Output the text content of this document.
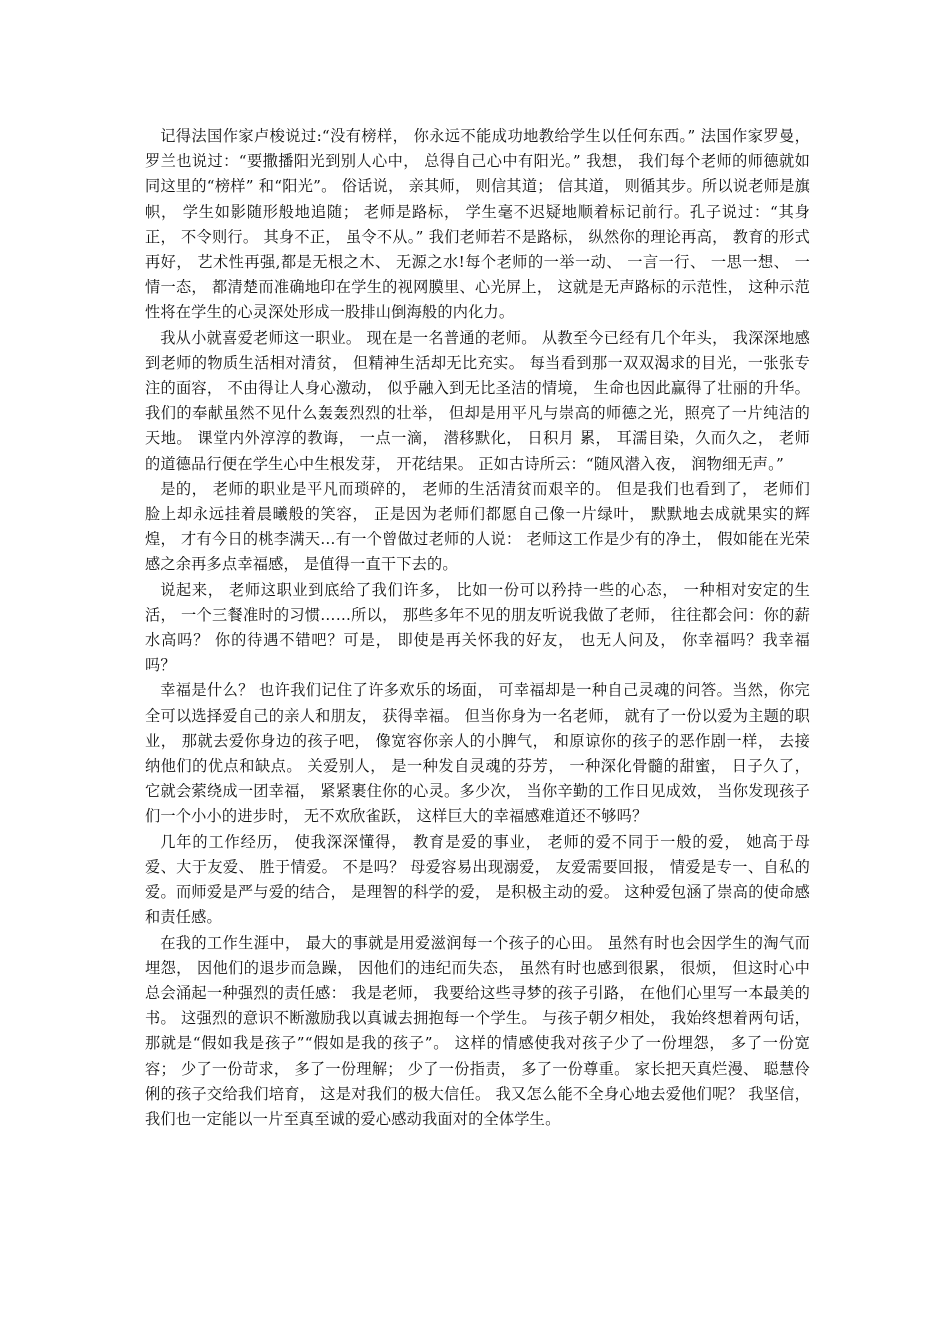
记得法国作家卢梭说过:“没有榜样， 你永远不能成功地教给学生以任何东西。” 法国作家罗曼， 罗兰也说过：“要撒播阳光到别人心中， 总得自己心中有阳光。” 我想， 我们每个老师的师德就如同这里的“榜样” 和“阳光”。 俗话说， 亲其师， 则信其道； 信其道， 则循其步。所以说老师是旗帜， 学生如影随形般地追随； 老师是路标， 学生毫不迟疑地顺着标记前行。孔子说过：“其身正， 不令则行。 其身不正， 虽令不从。” 我们老师若不是路标， 纵然你的理论再高， 教育的形式再好， 艺术性再强,都是无根之木、 无源之水!每个老师的一举一动、 一言一行、 一思一想、 一情一态， 都清楚而准确地印在学生的视网膜里、心光屏上， 这就是无声路标的示范性， 这种示范性将在学生的心灵深处形成一股排山倒海般的内化力。

我从小就喜爱老师这一职业。 现在是一名普通的老师。 从教至今已经有几个年头， 我深深地感到老师的物质生活相对清贫， 但精神生活却无比充实。 每当看到那一双双渴求的目光，一张张专注的面容， 不由得让人身心激动， 似乎融入到无比圣洁的情境， 生命也因此赢得了壮丽的升华。 我们的奉献虽然不见什么轰轰烈烈的壮举， 但却是用平凡与崇高的师德之光，照亮了一片纯洁的天地。 课堂内外淳淳的教诲， 一点一滴， 潜移默化， 日积月 累， 耳濡目染，久而久之， 老师的道德品行便在学生心中生根发芽， 开花结果。 正如古诗所云：“随风潜入夜， 润物细无声。”

是的， 老师的职业是平凡而琐碎的， 老师的生活清贫而艰辛的。 但是我们也看到了， 老师们脸上却永远挂着晨曦般的笑容， 正是因为老师们都愿自己像一片绿叶， 默默地去成就果实的辉煌， 才有今日的桃李满天…有一个曾做过老师的人说： 老师这工作是少有的净土， 假如能在光荣感之余再多点幸福感， 是值得一直干下去的。

说起来， 老师这职业到底给了我们许多， 比如一份可以矜持一些的心态， 一种相对安定的生活， 一个三餐准时的习惯……所以， 那些多年不见的朋友听说我做了老师， 往往都会问：你的薪水高吗？ 你的待遇不错吧？可是， 即使是再关怀我的好友， 也无人问及， 你幸福吗？我幸福吗？

幸福是什么？ 也许我们记住了许多欢乐的场面， 可幸福却是一种自己灵魂的问答。当然，你完全可以选择爱自己的亲人和朋友， 获得幸福。 但当你身为一名老师， 就有了一份以爱为主题的职业， 那就去爱你身边的孩子吧， 像宽容你亲人的小脾气， 和原谅你的孩子的恶作剧一样， 去接纳他们的优点和缺点。 关爱别人， 是一种发自灵魂的芬芳， 一种深化骨髓的甜蜜， 日子久了， 它就会萦绕成一团幸福， 紧紧裹住你的心灵。多少次， 当你辛勤的工作日见成效， 当你发现孩子们一个小小的进步时， 无不欢欣雀跃， 这样巨大的幸福感难道还不够吗？

几年的工作经历， 使我深深懂得， 教育是爱的事业， 老师的爱不同于一般的爱， 她高于母爱、大于友爱、 胜于情爱。 不是吗？ 母爱容易出现溺爱， 友爱需要回报， 情爱是专一、自私的爱。而师爱是严与爱的结合， 是理智的科学的爱， 是积极主动的爱。 这种爱包涵了崇高的使命感和责任感。

在我的工作生涯中， 最大的事就是用爱滋润每一个孩子的心田。 虽然有时也会因学生的淘气而埋怨， 因他们的退步而急躁， 因他们的违纪而失态， 虽然有时也感到很累， 很烦， 但这时心中总会涌起一种强烈的责任感： 我是老师， 我要给这些寻梦的孩子引路， 在他们心里写一本最美的书。 这强烈的意识不断激励我以真诚去拥抱每一个学生。 与孩子朝夕相处， 我始终想着两句话， 那就是“假如我是孩子”“假如是我的孩子”。 这样的情感使我对孩子少了一份埋怨， 多了一份宽容； 少了一份苛求， 多了一份理解； 少了一份指责， 多了一份尊重。 家长把天真烂漫、 聪慧伶俐的孩子交给我们培育， 这是对我们的极大信任。 我又怎么能不全身心地去爱他们呢？ 我坚信， 我们也一定能以一片至真至诚的爱心感动我面对的全体学生。
